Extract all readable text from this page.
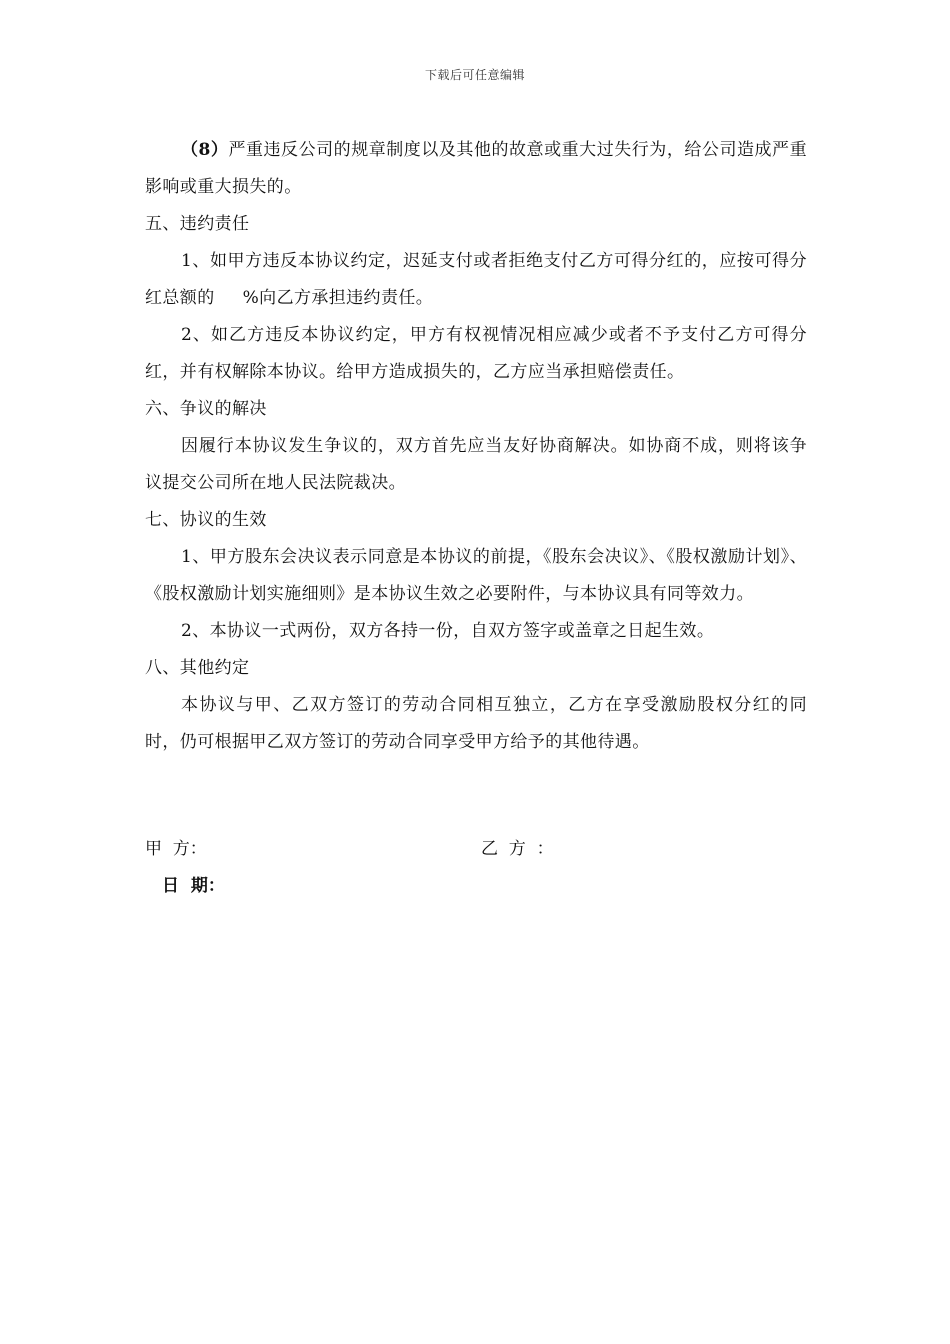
下载后可任意编辑

（8）严重违反公司的规章制度以及其他的故意或重大过失行为，给公司造成严重影响或重大损失的。

五、违约责任

1、如甲方违反本协议约定，迟延支付或者拒绝支付乙方可得分红的，应按可得分红总额的 %向乙方承担违约责任。

2、如乙方违反本协议约定，甲方有权视情况相应减少或者不予支付乙方可得分红，并有权解除本协议。给甲方造成损失的，乙方应当承担赔偿责任。

六、争议的解决

因履行本协议发生争议的，双方首先应当友好协商解决。如协商不成，则将该争议提交公司所在地人民法院裁决。

七、协议的生效

1、甲方股东会决议表示同意是本协议的前提，《股东会决议》、《股权激励计划》、《股权激励计划实施细则》是本协议生效之必要附件，与本协议具有同等效力。

2、本协议一式两份，双方各持一份，自双方签字或盖章之日起生效。

八、其他约定

本协议与甲、乙双方签订的劳动合同相互独立，乙方在享受激励股权分红的同时，仍可根据甲乙双方签订的劳动合同享受甲方给予的其他待遇。

甲  方：	乙  方  ：
日  期：
